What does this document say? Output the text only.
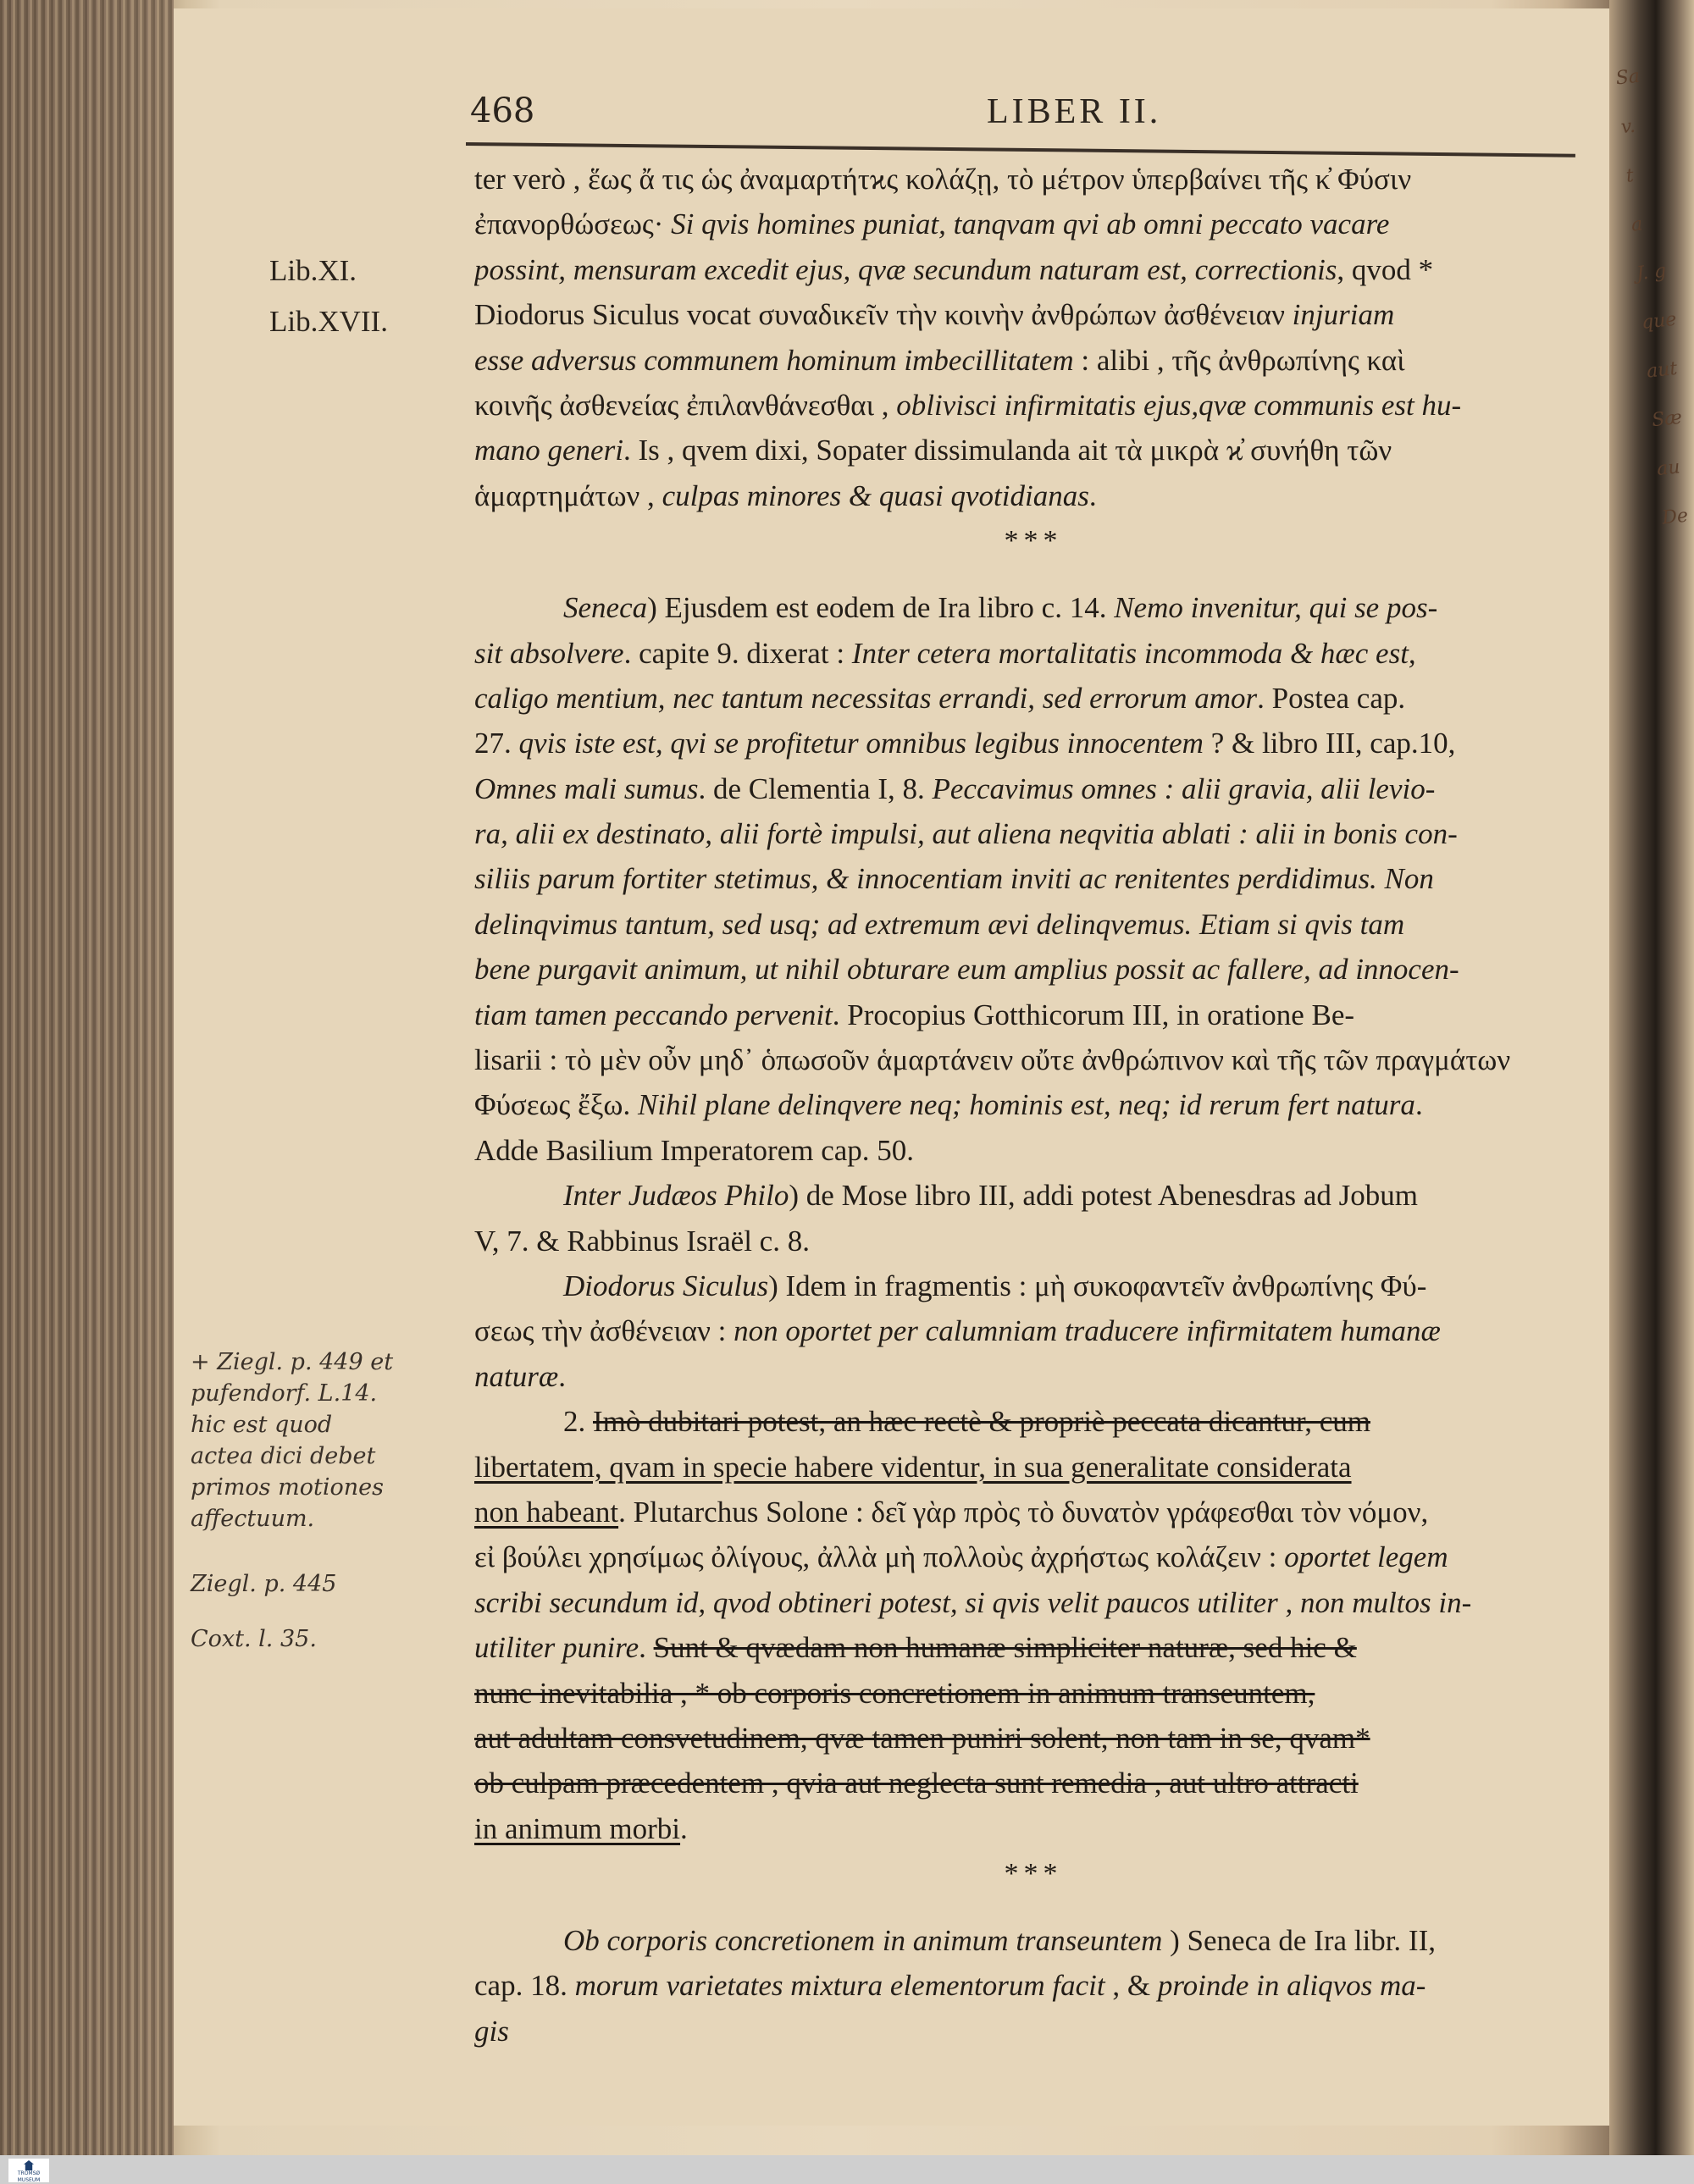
468	LIBER II.
Lib.XI.
Lib.XVII.
ter verò , ἕως ἄ τις ὡς ἀναμαρτήτϰς κολάζῃ, τὸ μέτρον ὑπερβαίνει τῆς κ̓ Φύσιν
ἐπανορθώσεως· Si qvis homines puniat, tanqvam qvi ab omni peccato vacare
possint, mensuram excedit ejus, qvæ secundum naturam est, correctionis, qvod *
Diodorus Siculus vocat συναδικεῖν τὴν κοινὴν ἀνθρώπων ἀσθένειαν injuriam
esse adversus communem hominum imbecillitatem : alibi , τῆς ἀνθρωπίνης καὶ
κοινῆς ἀσθενείας ἐπιλανθάνεσθαι , oblivisci infirmitatis ejus,qvæ communis est hu-
mano generi. Is , qvem dixi, Sopater dissimulanda ait τὰ μικρὰ ϰ̓ συνήθη τῶν
ἁμαρτημάτων , culpas minores & quasi qvotidianas.
***
Seneca) Ejusdem est eodem de Ira libro c. 14. Nemo invenitur, qui se pos-
sit absolvere. capite 9. dixerat : Inter cetera mortalitatis incommoda & hæc est,
caligo mentium, nec tantum necessitas errandi, sed errorum amor. Postea cap.
27. qvis iste est, qvi se profitetur omnibus legibus innocentem ? & libro III, cap.10,
Omnes mali sumus. de Clementia I, 8. Peccavimus omnes : alii gravia, alii levio-
ra, alii ex destinato, alii fortè impulsi, aut aliena neqvitia ablati : alii in bonis con-
siliis parum fortiter stetimus, & innocentiam inviti ac renitentes perdidimus. Non
delinqvimus tantum, sed usq; ad extremum ævi delinqvemus. Etiam si qvis tam
bene purgavit animum, ut nihil obturare eum amplius possit ac fallere, ad innocen-
tiam tamen peccando pervenit. Procopius Gotthicorum III, in oratione Be-
lisarii : τὸ μὲν οὖν μηδ᾽ ὁπωσοῦν ἁμαρτάνειν οὔτε ἀνθρώπινον καὶ τῆς τῶν πραγμάτων
Φύσεως ἔξω. Nihil plane delinqvere neq; hominis est, neq; id rerum fert natura.
Adde Basilium Imperatorem cap. 50.
Inter Judæos Philo) de Mose libro III, addi potest Abenesdras ad Jobum
V, 7. & Rabbinus Israël c. 8.
Diodorus Siculus) Idem in fragmentis : μὴ συκοφαντεῖν ἀνθρωπίνης Φύ-
σεως τὴν ἀσθένειαν : non oportet per calumniam traducere infirmitatem humanæ
naturæ.
2. Imò dubitari potest, an hæc rectè & propriè peccata dicantur, cum
libertatem, qvam in specie habere videntur, in sua generalitate considerata
non habeant. Plutarchus Solone : δεῖ γὰρ πρὸς τὸ δυνατὸν γράφεσθαι τὸν νόμον,
εἰ βούλει χρησίμως ὀλίγους, ἀλλὰ μὴ πολλοὺς ἀχρήστως κολάζειν : oportet legem
scribi secundum id, qvod obtineri potest, si qvis velit paucos utiliter , non multos in-
utiliter punire. Sunt & qvædam non humanæ simpliciter naturæ, sed hic &
nunc inevitabilia , * ob corporis concretionem in animum transeuntem,
aut adultam consvetudinem, qvæ tamen puniri solent, non tam in se, qvam*
ob culpam præcedentem , qvia aut neglecta sunt remedia , aut ultro attracti
in animum morbi.
***
Ob corporis concretionem in animum transeuntem ) Seneca de Ira libr. II,
cap. 18. morum varietates mixtura elementorum facit , & proinde in aliqvos ma-
gis
+ Ziegl. p. 449 et
pufendorf. L.14.
hic est quod
actea dici debet
primos motiones
affectuum.
Ziegl. p. 445
Coxt. l. 35.
Sa
v.
t
a
J. g
que
aut
Sæ
au
De
TROMSØ MUSEUM
